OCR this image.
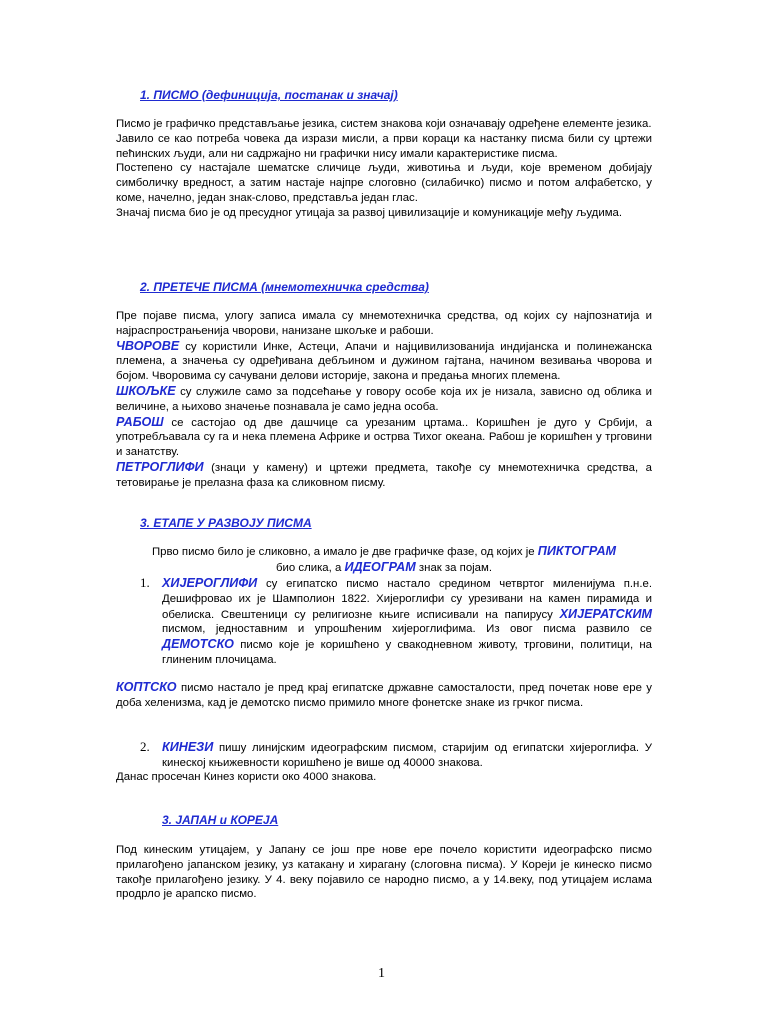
1. ПИСМО (дефиниција, постанак и значај)

Писмо је графичко представљање језика, систем знакова који означавају одређене елементе језика.

Јавило се као потреба човека да изрази мисли, а први кораци ка настанку писма били су цртежи пећинских људи, али ни садржајно ни графички нису имали карактеристике писма.

Постепено су настајале шематске сличице људи, животиња и људи, које временом добијају симболичку вредност, а затим настаје најпре слоговно (силабичко) писмо и потом алфабетско, у коме, начелно, један знак-слово, представља један глас.

Значај писма био је од пресудног утицаја за развој цивилизације и комуникације међу људима.

2. ПРЕТЕЧЕ ПИСМА (мнемотехничка средства)

Пре појаве писма, улогу записа имала су мнемотехничка средства, од којих су најпознатија и најраспрострањенија чворови, нанизане шкољке и рабоши.

ЧВОРОВЕ су користили Инке, Астеци, Апачи и најцивилизованија индијанска и полинежанска племена, а значења су одређивана дебљином и дужином гајтана, начином везивања чворова и бојом. Чворовима су сачувани делови историје, закона и предања многих племена.

ШКОЉКЕ су служиле само за подсећање у говору особе која их је низала, зависно од облика и величине, а њихово значење познавала је само једна особа.

РАБОШ се састојао од две дашчице са урезаним цртама.. Коришћен је дуго у Србији, а употребљавала су га и нека племена Африке и острва Тихог океана. Рабош је коришћен у трговини и занатству.

ПЕТРОГЛИФИ (знаци у камену) и цртежи предмета, такође су мнемотехничка средства, а тетовирање је прелазна фаза ка сликовном писму.

3. ЕТАПЕ У РАЗВОЈУ ПИСМА
Прво писмо било је сликовно, а имало је две графичке фазе, од којих је ПИКТОГРАМ
био слика, а ИДЕОГРАМ знак за појам.
1. ХИЈЕРОГЛИФИ су египатско писмо настало средином четвртог миленијума п.н.е. Дешифровао их је Шамполион 1822. Хијероглифи су урезивани на камен пирамида и обелиска. Свештеници су религиозне књиге исписивали на папирусу ХИЈЕРАТСКИМ писмом, једноставним и упрошћеним хијероглифима. Из овог писма развило се ДЕМОТСКО писмо које је коришћено у свакодневном животу, трговини, политици, на глиненим плочицама.
КОПТСКО писмо настало је пред крај египатске државне самосталости, пред почетак нове ере у доба хеленизма, кад је демотско писмо примило многе фонетске знаке из грчког писма.
2. КИНЕЗИ пишу линијским идеографским писмом, старијим од египатски хијероглифа. У кинеској књижевности коришћено је више од 40000 знакова.
Данас просечан Кинез користи око 4000 знакова.
3. ЈАПАН и КОРЕЈА

Под кинеским утицајем, у Јапану се још пре нове ере почело користити идеографско писмо прилагођено јапанском језику, уз катакану и хирагану (слоговна писма). У Кореји је кинеско писмо такође прилагођено језику. У 4. веку појавило се народно писмо, а у 14.веку, под утицајем ислама продрло је арапско писмо.

1
